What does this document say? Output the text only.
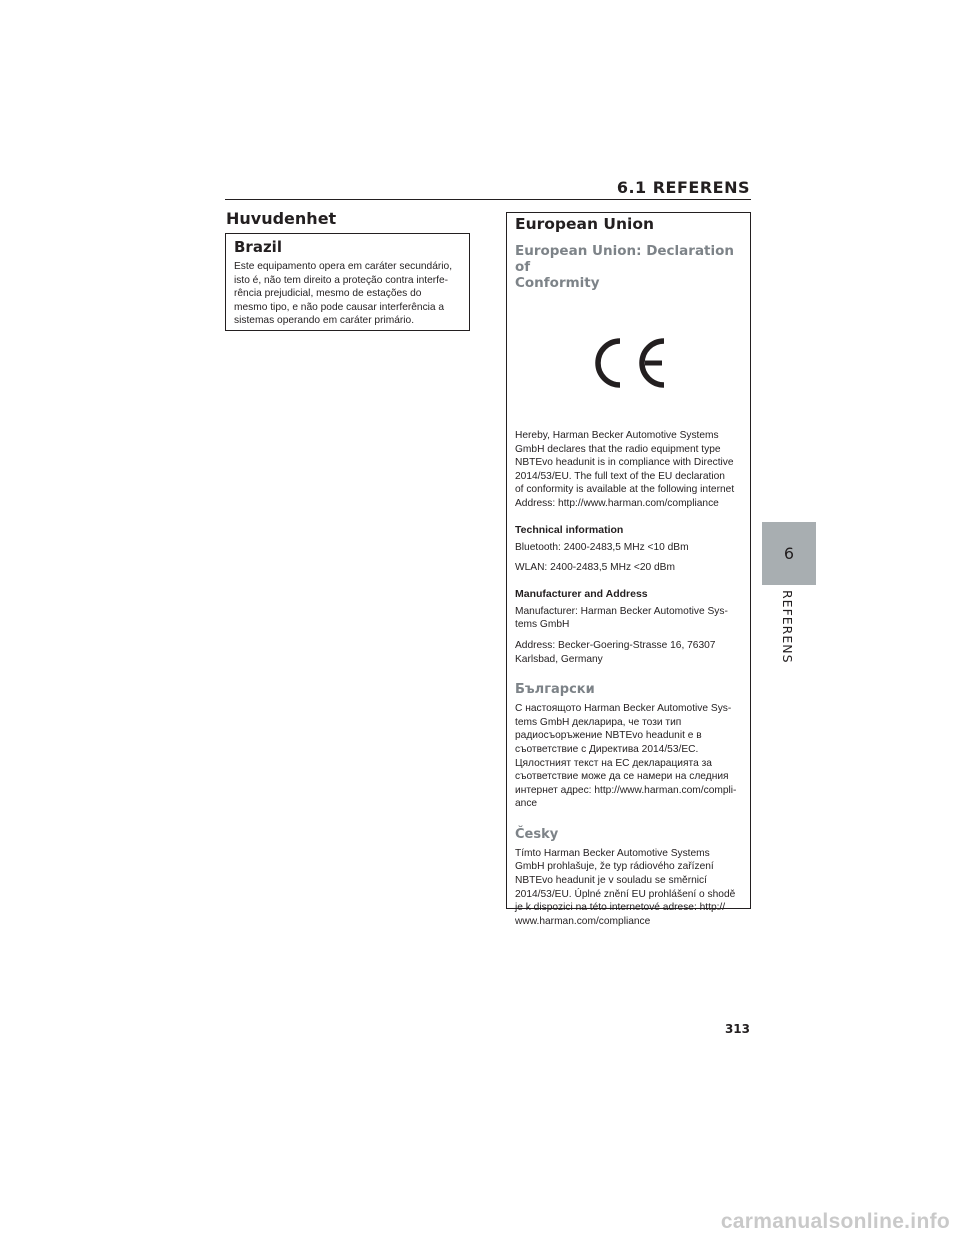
6.1 REFERENS
Huvudenhet
Brazil

Este equipamento opera em caráter secundário,
isto é, não tem direito a proteção contra interfe-
rência prejudicial, mesmo de estações do
mesmo tipo, e não pode causar interferência a
sistemas operando em caráter primário.

European Union
European Union: Declaration of
Conformity

Hereby, Harman Becker Automotive Systems
GmbH declares that the radio equipment type
NBTEvo headunit is in compliance with Directive
2014/53/EU. The full text of the EU declaration
of conformity is available at the following internet
Address: http://www.harman.com/compliance

Technical information

Bluetooth: 2400-2483,5 MHz <10 dBm

WLAN: 2400-2483,5 MHz <20 dBm

Manufacturer and Address

Manufacturer: Harman Becker Automotive Sys-
tems GmbH

Address: Becker-Goering-Strasse 16, 76307
Karlsbad, Germany

Български

С настоящото Harman Becker Automotive Sys-
tems GmbH декларира, че този тип
радиосъоръжение NBTEvo headunit е в
съответствие с Директива 2014/53/ЕС.
Цялостният текст на ЕС декларацията за
съответствие може да се намери на следния
интернет адрес: http://www.harman.com/compli-
ance

Česky

Tímto Harman Becker Automotive Systems
GmbH prohlašuje, že typ rádiového zařízení
NBTEvo headunit je v souladu se směrnicí
2014/53/EU. Úplné znění EU prohlášení o shodě
je k dispozici na této internetové adrese: http://
www.harman.com/compliance

6
REFERENS
313
carmanualsonline.info
